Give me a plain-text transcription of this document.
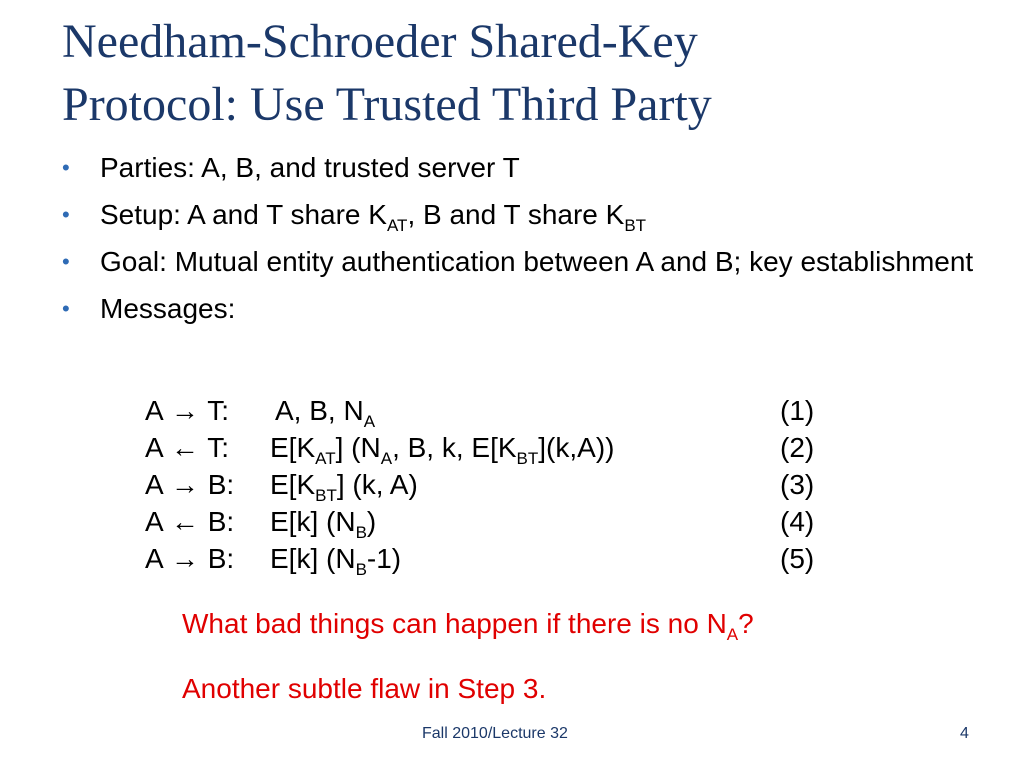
Needham-Schroeder Shared-Key
Protocol: Use Trusted Third Party
• Parties: A, B, and trusted server T
• Setup: A and T share $K_{AT}$, B and T share $K_{BT}$
• Goal: Mutual entity authentication between A and B; key establishment
• Messages:
A → T: A, B, $N_A$	(1)
A ← T: $E[K_{AT}]$ ($N_A$, B, k, $E[K_{BT}](k,A)$)	(2)
A → B: $E[K_{BT}]$ (k, A)	(3)
A ← B: E[k] $(N_B)$	(4)
A → B: E[k] $(N_B-1)$	(5)
What bad things can happen if there is no $N_A$?
Another subtle flaw in Step 3.
Fall 2010/Lecture 32	4
